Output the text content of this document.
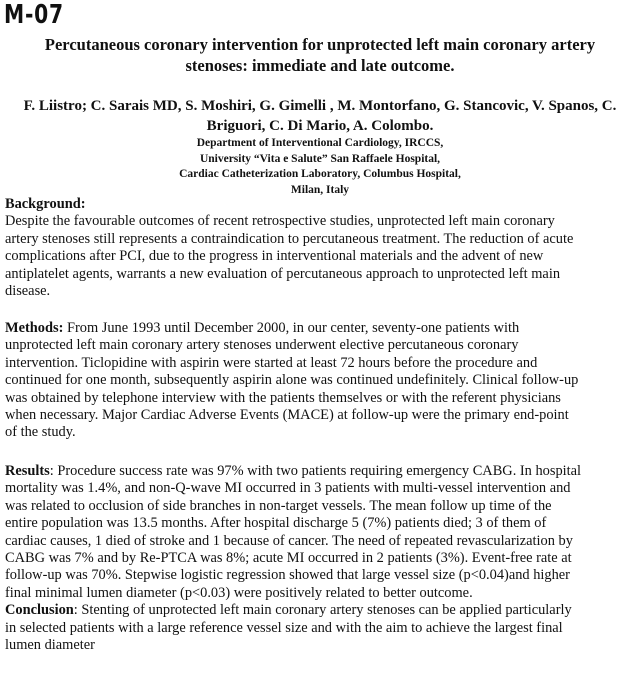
M-07
Percutaneous coronary intervention for unprotected left main coronary artery
stenoses: immediate and late outcome.
F. Liistro; C. Sarais MD, S. Moshiri, G. Gimelli , M. Montorfano, G. Stancovic, V. Spanos, C.
Briguori, C. Di Mario, A. Colombo.
Department of Interventional Cardiology, IRCCS,
University “Vita e Salute” San Raffaele Hospital,
Cardiac Catheterization Laboratory, Columbus Hospital,
Milan, Italy
Background:
Despite the favourable outcomes of recent retrospective studies, unprotected left main coronary
artery stenoses still represents a contraindication to percutaneous treatment. The reduction of acute
complications after PCI, due to the progress in interventional materials and the advent of new
antiplatelet agents, warrants a new evaluation of percutaneous approach to unprotected left main
disease.
Methods: From June 1993 until December 2000, in our center, seventy-one patients with
unprotected left main coronary artery stenoses underwent elective percutaneous coronary
intervention. Ticlopidine with aspirin were started at least 72 hours before the procedure and
continued for one month, subsequently aspirin alone was continued undefinitely. Clinical follow-up
was obtained by telephone interview with the patients themselves or with the referent physicians
when necessary. Major Cardiac Adverse Events (MACE) at follow-up were the primary end-point
of the study.
Results: Procedure success rate was 97% with two patients requiring emergency CABG. In hospital
mortality was 1.4%, and non-Q-wave MI occurred in 3 patients with multi-vessel intervention and
was related to occlusion of side branches in non-target vessels. The mean follow up time of the
entire population was 13.5 months. After hospital discharge 5 (7%) patients died; 3 of them of
cardiac causes, 1 died of stroke and 1 because of cancer. The need of repeated revascularization by
CABG was 7% and by Re-PTCA was 8%; acute MI occurred in 2 patients (3%). Event-free rate at
follow-up was 70%. Stepwise logistic regression showed that large vessel size (p<0.04)and higher
final minimal lumen diameter (p<0.03) were positively related to better outcome.
Conclusion: Stenting of unprotected left main coronary artery stenoses can be applied particularly
in selected patients with a large reference vessel size and with the aim to achieve the largest final
lumen diameter
